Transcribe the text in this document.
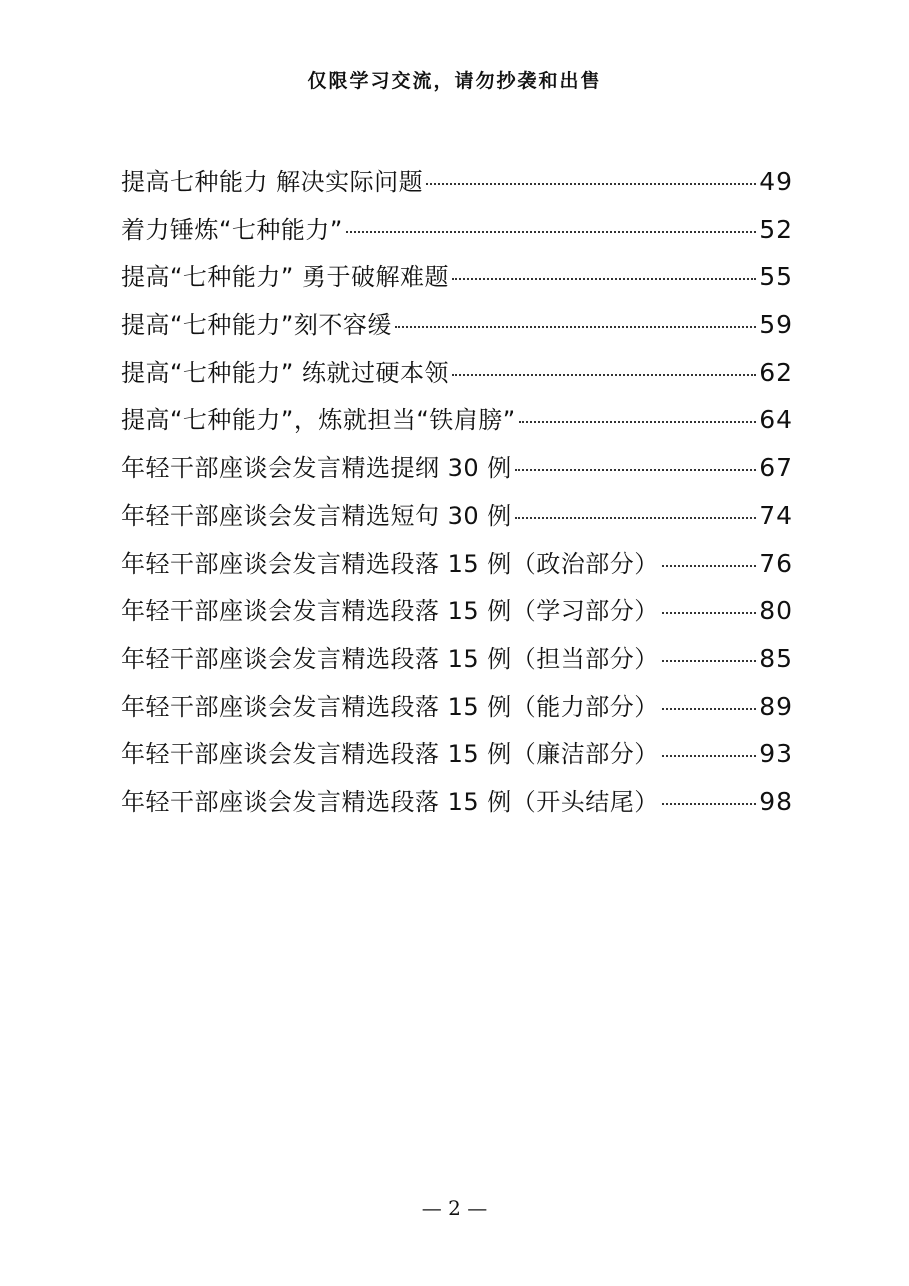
仅限学习交流，请勿抄袭和出售
提高七种能力 解决实际问题	49
着力锤炼“七种能力”	52
提高“七种能力” 勇于破解难题	55
提高“七种能力”刻不容缓	59
提高“七种能力” 练就过硬本领	62
提高“七种能力”，炼就担当“铁肩膀”	64
年轻干部座谈会发言精选提纲 30 例	67
年轻干部座谈会发言精选短句 30 例	74
年轻干部座谈会发言精选段落 15 例（政治部分）	76
年轻干部座谈会发言精选段落 15 例（学习部分）	80
年轻干部座谈会发言精选段落 15 例（担当部分）	85
年轻干部座谈会发言精选段落 15 例（能力部分）	89
年轻干部座谈会发言精选段落 15 例（廉洁部分）	93
年轻干部座谈会发言精选段落 15 例（开头结尾）	98
— 2 —
